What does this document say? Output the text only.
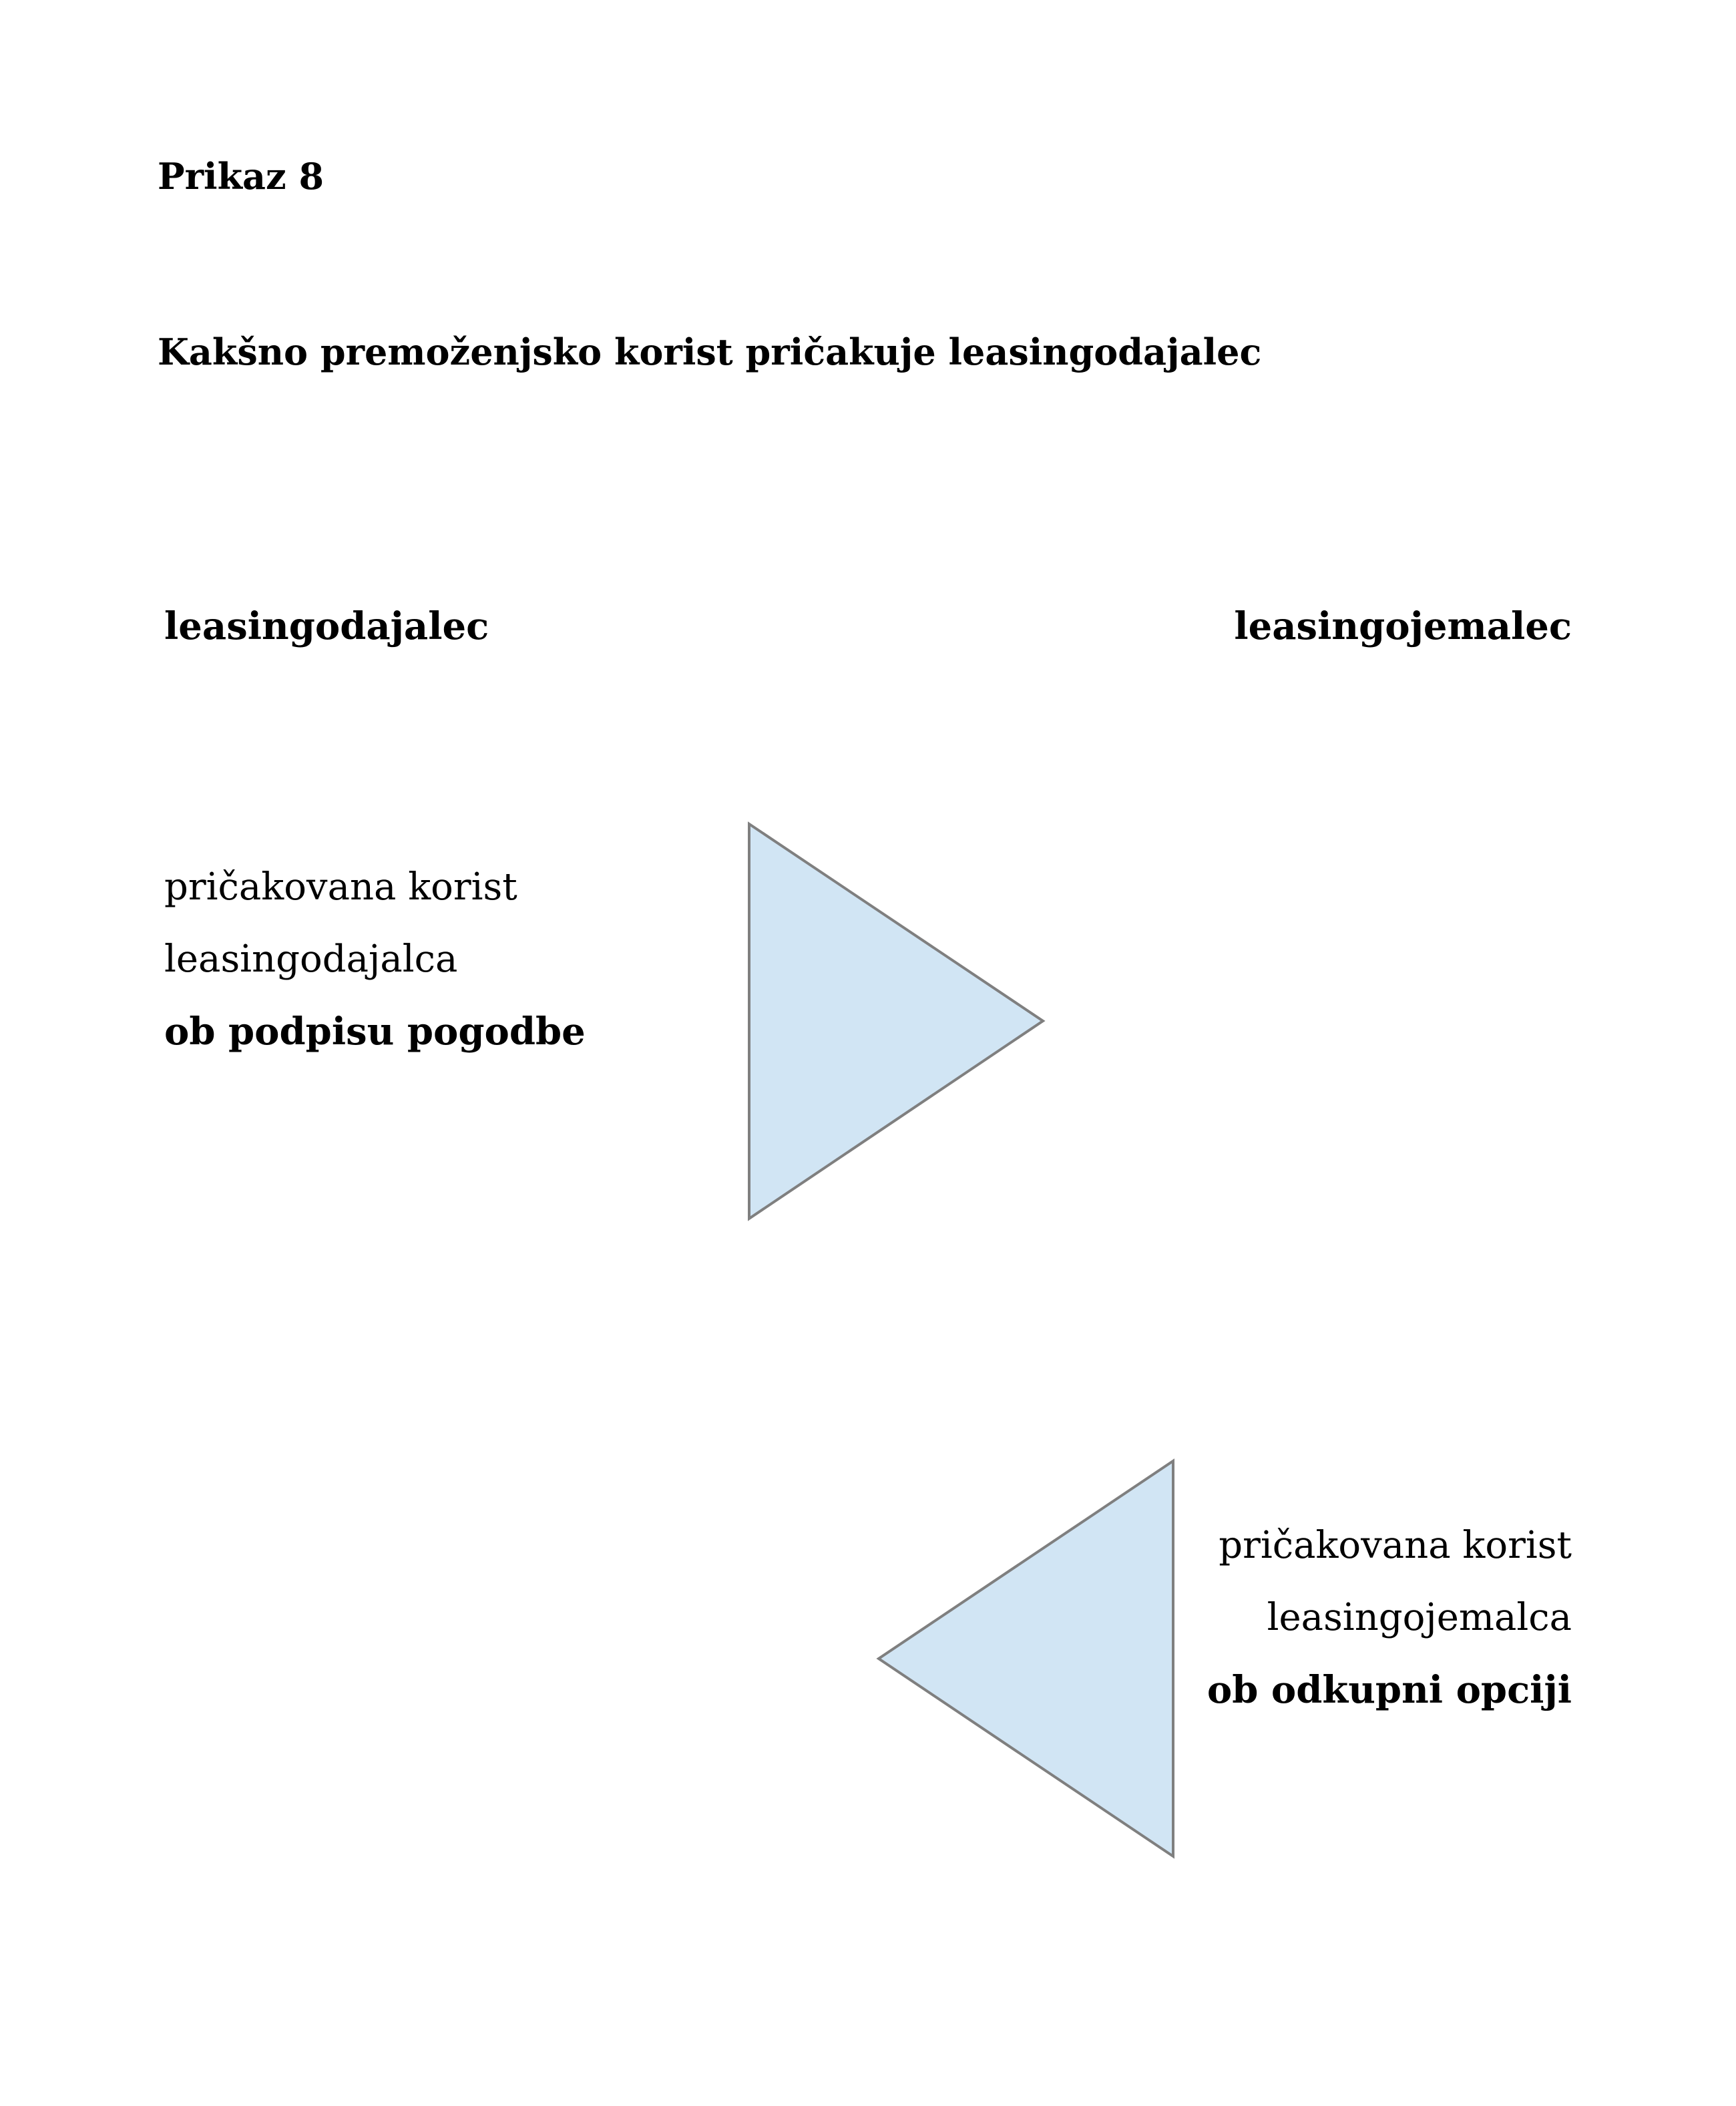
Prikaz 8

Kakšno premoženjsko korist pričakuje leasingodajalec

leasingodajalec	leasingojemalec

pričakovana korist
leasingodajalca
ob podpisu pogodbe
pričakovana korist
leasingojemalca
ob odkupni opciji
